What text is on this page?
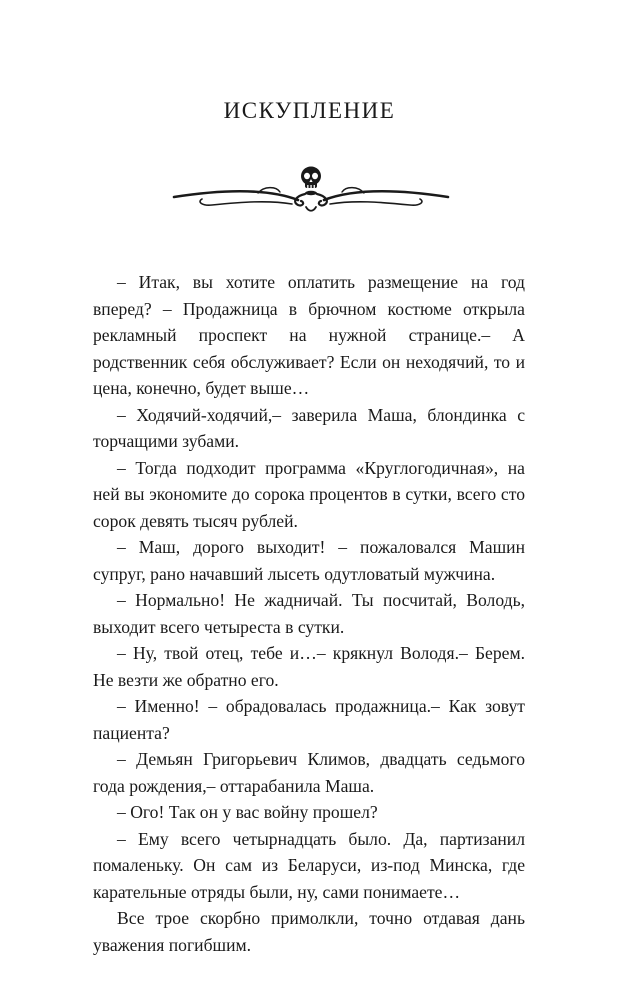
ИСКУПЛЕНИЕ

– Итак, вы хотите оплатить размещение на год вперед? – Продажница в брючном костюме открыла рекламный проспект на нужной странице.– А родственник себя обслуживает? Если он неходячий, то и цена, конечно, будет выше…

– Ходячий-ходячий,– заверила Маша, блондинка с торчащими зубами.

– Тогда подходит программа «Круглогодичная», на ней вы экономите до сорока процентов в сутки, всего сто сорок девять тысяч рублей.

– Маш, дорого выходит! – пожаловался Машин супруг, рано начавший лысеть одутловатый мужчина.

– Нормально! Не жадничай. Ты посчитай, Володь, выходит всего четыреста в сутки.

– Ну, твой отец, тебе и…– крякнул Володя.– Берем. Не везти же обратно его.

– Именно! – обрадовалась продажница.– Как зовут пациента?

– Демьян Григорьевич Климов, двадцать седьмого года рождения,– оттарабанила Маша.

– Ого! Так он у вас войну прошел?

– Ему всего четырнадцать было. Да, партизанил помаленьку. Он сам из Беларуси, из-под Минска, где карательные отряды были, ну, сами понимаете…

Все трое скорбно примолкли, точно отдавая дань уважения погибшим.
